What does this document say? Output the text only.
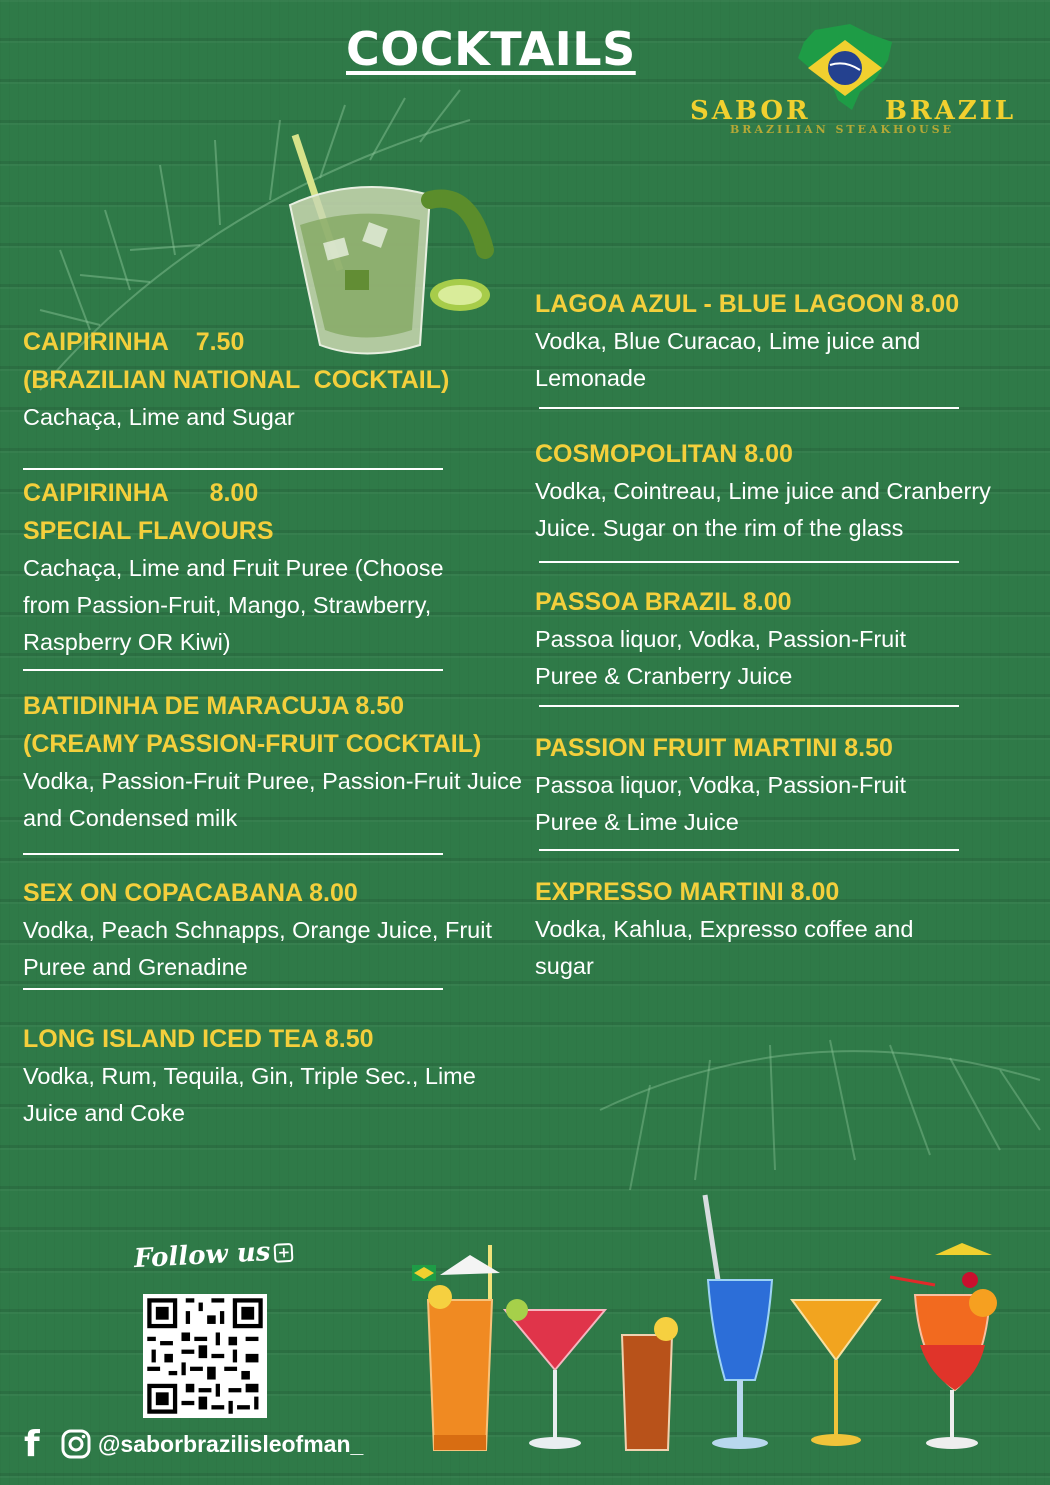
COCKTAILS
SABOR	BRAZIL
BRAZILIAN STEAKHOUSE
CAIPIRINHA    7.50
(BRAZILIAN NATIONAL  COCKTAIL)
Cachaça, Lime and Sugar
CAIPIRINHA      8.00
SPECIAL FLAVOURS
Cachaça, Lime and Fruit Puree (Choose from Passion-Fruit, Mango, Strawberry, Raspberry OR Kiwi)
BATIDINHA DE MARACUJA 8.50
(CREAMY PASSION-FRUIT COCKTAIL)
Vodka, Passion-Fruit Puree, Passion-Fruit Juice and Condensed milk
SEX ON COPACABANA 8.00
Vodka, Peach Schnapps, Orange Juice, Fruit Puree and Grenadine
LONG ISLAND ICED TEA 8.50
Vodka, Rum, Tequila, Gin, Triple Sec., Lime Juice and Coke
LAGOA AZUL - BLUE LAGOON 8.00
Vodka, Blue Curacao, Lime juice and Lemonade
COSMOPOLITAN 8.00
Vodka, Cointreau, Lime juice and Cranberry Juice. Sugar on the rim of the glass
PASSOA BRAZIL 8.00
Passoa liquor, Vodka, Passion-Fruit Puree & Cranberry Juice
PASSION FRUIT MARTINI 8.50
Passoa liquor, Vodka, Passion-Fruit Puree & Lime Juice
EXPRESSO MARTINI 8.00
Vodka, Kahlua, Expresso coffee and sugar
Follow us +
f	@saborbrazilisleofman_
